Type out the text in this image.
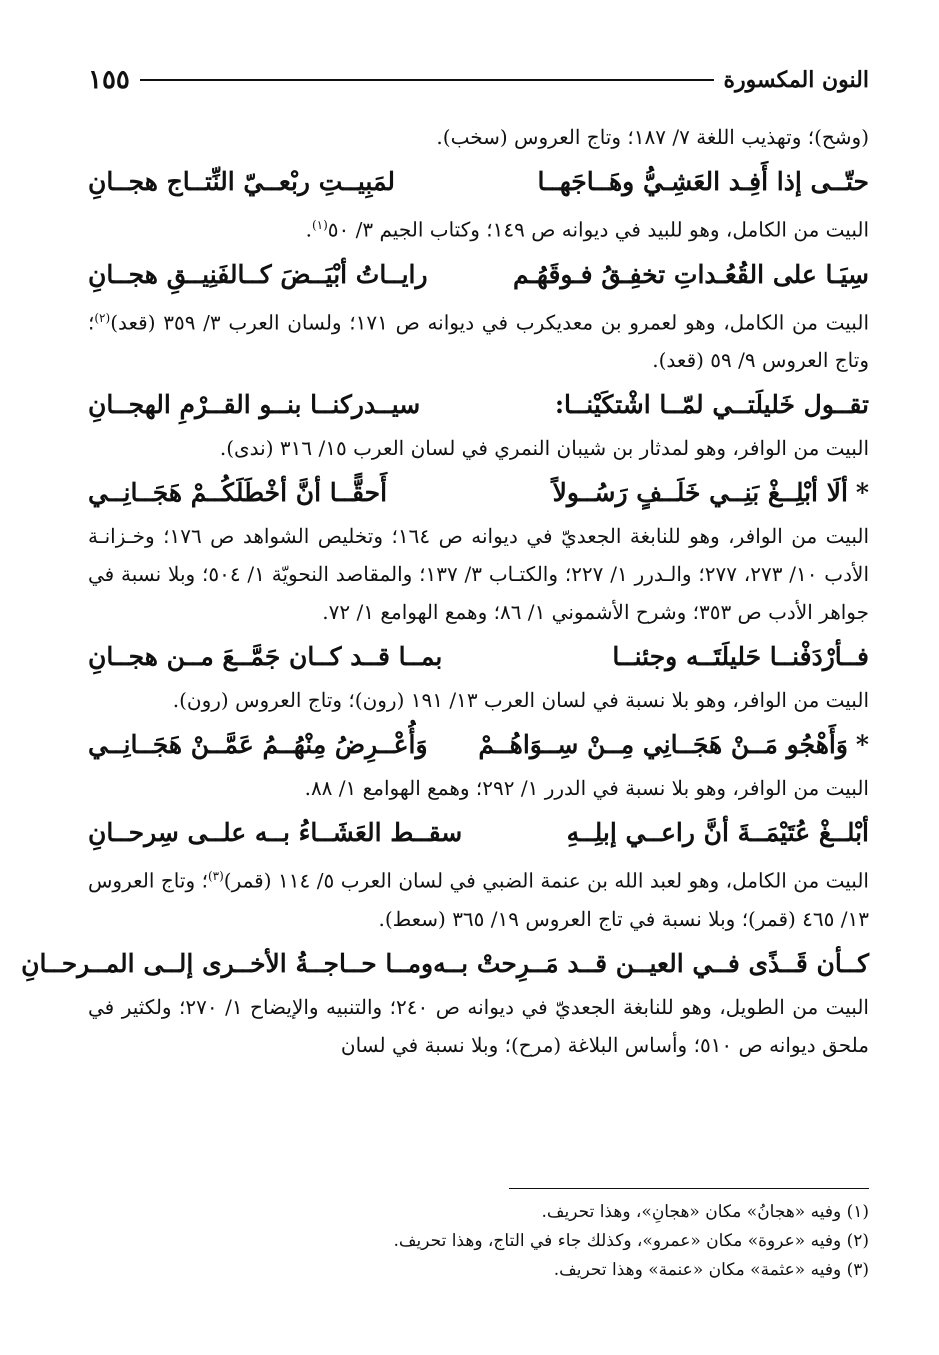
النون المكسورة
١٥٥

(وشح)؛ وتهذيب اللغة ٧/ ١٨٧؛ وتاج العروس (سخب).

حتّــى إذا أَفِـد العَشِـيُّ وهَــاجَهــا
لمَبِيــتِ ربْعــيّ النِّتــاج هجــانِ

البيت من الكامل، وهو للبيد في ديوانه ص ١٤٩؛ وكتاب الجيم ٣/ ٥٠$^{(١)}$.

سِيَـا على القُعُـداتِ تخفِـقُ فـوقَهُـم
رايــاتُ أبْيَــضَ كــالفَنِيــقِ هجــانِ

البيت من الكامل، وهو لعمرو بن معديكرب في ديوانه ص ١٧١؛ ولسان العرب ٣/ ٣٥٩ (قعد)$^{(٢)}$؛ وتاج العروس ٩/ ٥٩ (قعد).

تقــول خَليلَتــي لمّــا اشْتكَيْنــا:
سيــدركنــا بنــو القــرْمِ الهجــانِ

البيت من الوافر، وهو لمدثار بن شيبان النمري في لسان العرب ١٥/ ٣١٦ (ندى).

*ألَا أبْلِــغْ بَنِــي خَلَــفٍ رَسُــولاً
أَحقًّــا أنَّ أخْطَلَكُــمْ هَجَــانِــي

البيت من الوافر، وهو للنابغة الجعديّ في ديوانه ص ١٦٤؛ وتخليص الشواهد ص ١٧٦؛ وخـزانـة الأدب ١٠/ ٢٧٣، ٢٧٧؛ والـدرر ١/ ٢٢٧؛ والكتـاب ٣/ ١٣٧؛ والمقاصد النحويّة ١/ ٥٠٤؛ وبلا نسبة في جواهر الأدب ص ٣٥٣؛ وشرح الأشموني ١/ ٨٦؛ وهمع الهوامع ١/ ٧٢.

فــأرْدَفْنــا حَليلَتَــه وجئنــا
بمــا قــد كــان جَمَّــعَ مــن هجــانِ

البيت من الوافر، وهو بلا نسبة في لسان العرب ١٣/ ١٩١ (رون)؛ وتاج العروس (رون).

*وَأَهْجُو مَــنْ هَجَــانِي مِــنْ سِــوَاهُــمْ
وَأُعْــرِضُ مِنْهُــمُ عَمَّــنْ هَجَــانِــي

البيت من الوافر، وهو بلا نسبة في الدرر ١/ ٢٩٢؛ وهمع الهوامع ١/ ٨٨.

أبْلــغْ عُتَيْمَــةَ أنَّ راعــي إبلِــهِ
سقــط العَشَــاءُ بــه علــى سِرحــانِ

البيت من الكامل، وهو لعبد الله بن عنمة الضبي في لسان العرب ٥/ ١١٤ (قمر)$^{(٣)}$؛ وتاج العروس ١٣/ ٤٦٥ (قمر)؛ وبلا نسبة في تاج العروس ١٩/ ٣٦٥ (سعط).

كــأن قَــذًى فــي العيــن قــد مَــرِحتْ بــه
ومــا حــاجــةُ الأخــرى إلــى المــرحــانِ

البيت من الطويل، وهو للنابغة الجعديّ في ديوانه ص ٢٤٠؛ والتنبيه والإيضاح ١/ ٢٧٠؛ ولكثير في ملحق ديوانه ص ٥١٠؛ وأساس البلاغة (مرح)؛ وبلا نسبة في لسان

(١) وفيه «هجانُ» مكان «هجانِ»، وهذا تحريف.

(٢) وفيه «عروة» مكان «عمرو»، وكذلك جاء في التاج، وهذا تحريف.

(٣) وفيه «عثمة» مكان «عنمة» وهذا تحريف.
